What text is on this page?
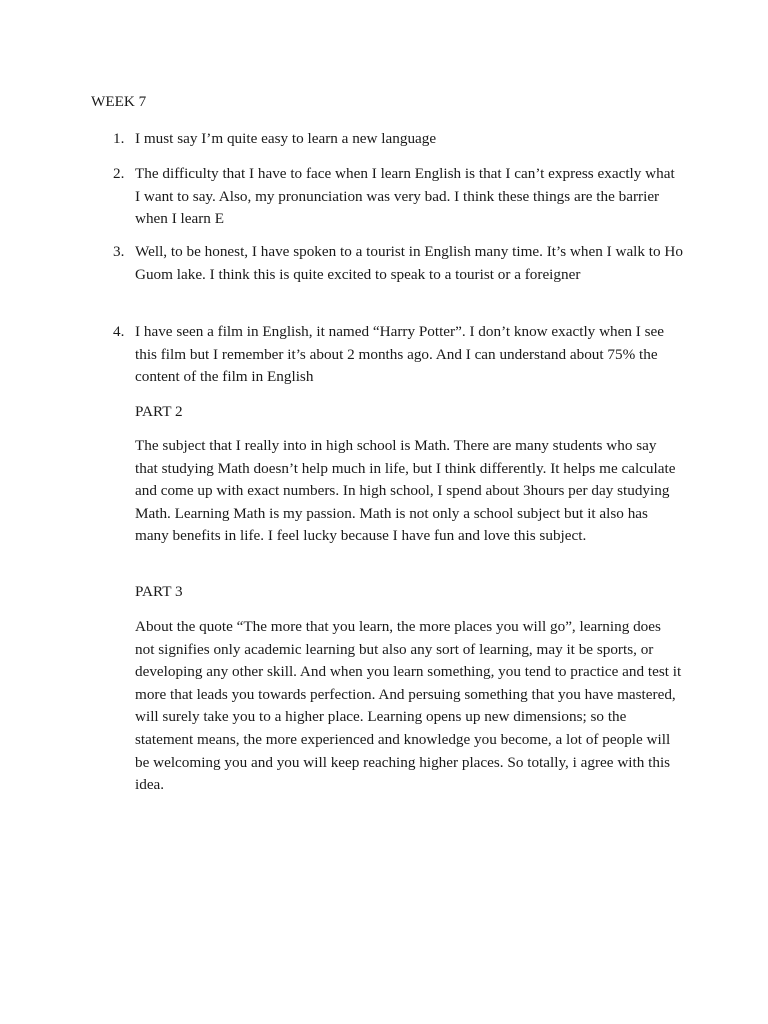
WEEK 7
1. I must say I’m quite easy to learn a new language

2. The difficulty that I have to face when I learn English is that I can’t express exactly what I want to say. Also, my pronunciation was very bad. I think these things are the barrier when I learn E

3. Well, to be honest, I have spoken to a tourist in English many time. It’s when I walk to Ho Guom lake. I think this is quite excited to speak to a tourist or a foreigner

4. I have seen a film in English, it named “Harry Potter”. I don’t know exactly when I see this film but I remember it’s about 2 months ago. And I can understand about 75% the content of the film in English

PART 2

The subject that I really into in high school is Math. There are many students who say that studying Math doesn’t help much in life, but I think differently. It helps me calculate and come up with exact numbers. In high school, I spend about 3hours per day studying Math. Learning Math is my passion. Math is not only a school subject but it also has many benefits in life. I feel lucky because I have fun and love this subject.

PART 3

About the quote “The more that you learn, the more places you will go”, learning does not signifies only academic learning but also any sort of learning, may it be sports, or developing any other skill. And when you learn something, you tend to practice and test it more that leads you towards perfection. And persuing something that you have mastered, will surely take you to a higher place. Learning opens up new dimensions; so the statement means, the more experienced and knowledge you become, a lot of people will be welcoming you and you will keep reaching higher places. So totally, i agree with this idea.
